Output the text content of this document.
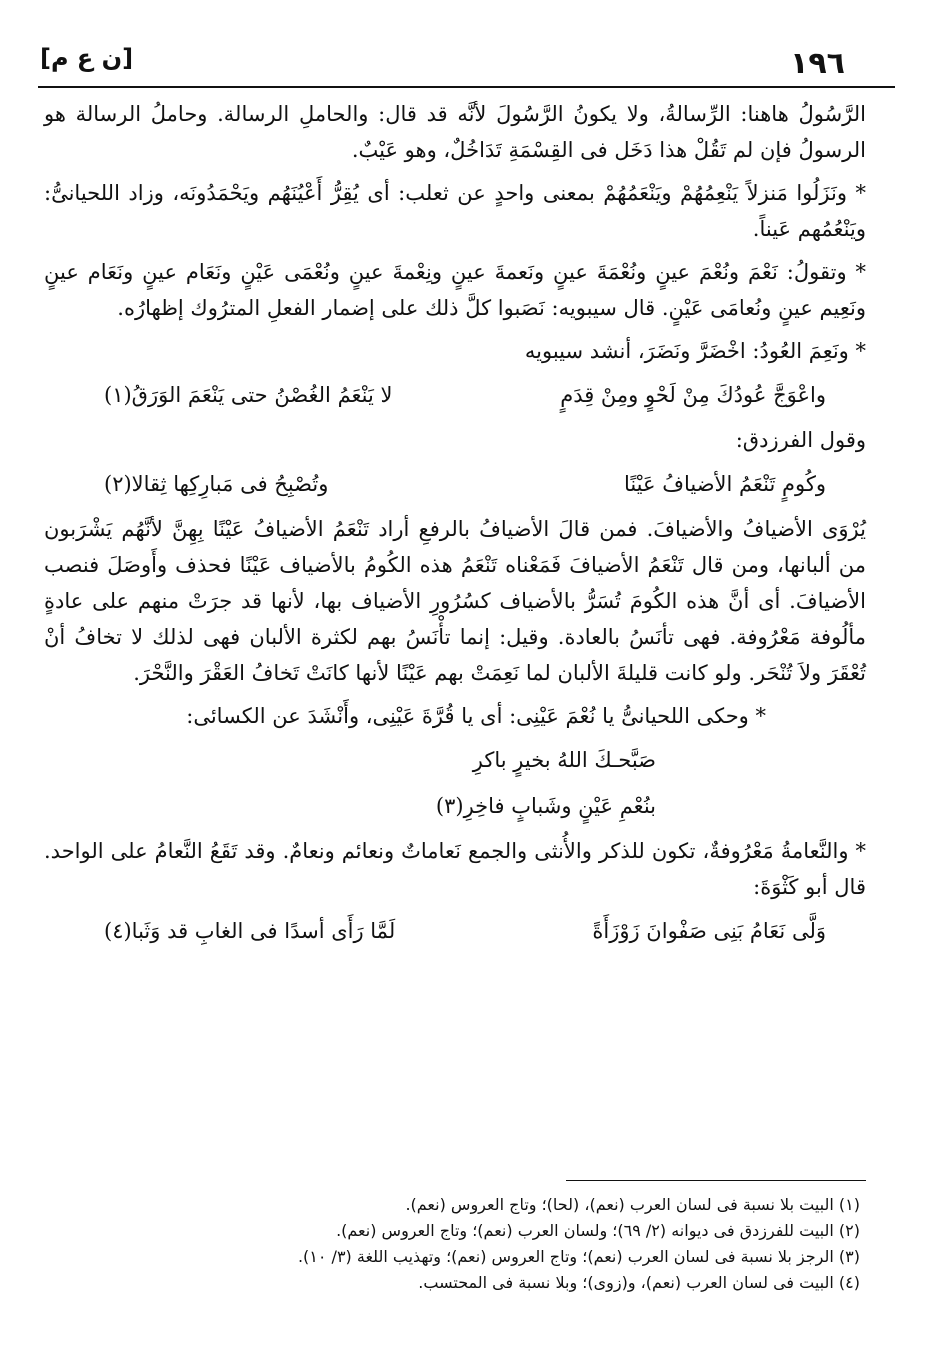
١٩٦
[ن ع م]

الرَّسُولُ هاهنا: الرِّسالةُ، ولا يكونُ الرَّسُولَ لأنَّه قد قال: والحاملِ الرسالة. وحاملُ الرسالة هو الرسولُ فإن لم تَقُلْ هذا دَخَل فى القِسْمَةِ تَدَاخُلٌ، وهو عَيْبٌ.

* ونَزَلُوا مَنزلاً يَنْعِمُهُمْ ويَنْعَمُهُمْ بمعنى واحدٍ عن ثعلب: أى يُقِرُّ أَعْيُنَهُم ويَحْمَدُونَه، وزاد اللحيانىُّ: ويَنْعُمُهم عَيناً.

* وتقولُ: نَعْمَ ونُعْمَ عينٍ ونُعْمَةَ عينٍ ونَعمةَ عينٍ ونِعْمةَ عينٍ ونُعْمَى عَيْنٍ ونَعَام عينٍ ونَعَام عينٍ ونَعِيم عينٍ ونُعامَى عَيْنٍ. قال سيبويه: نَصَبوا كلَّ ذلك على إضمار الفعلِ المترُوك إظهارُه.

* ونَعِمَ العُودُ: اخْضَرَّ ونَضَرَ، أنشد سيبويه

واعْوَجَّ عُودُكَ مِنْ لَحْوٍ ومِنْ قِدَمٍ
لا يَنْعَمُ الغُصْنُ حتى يَنْعَمَ الوَرَقُ(١)

وقول الفرزدق:

وكُومٍ تَنْعَمُ الأضيافُ عَيْنًا
وتُصْبِحُ فى مَبارِكِها ثِقالا(٢)

يُرْوَى الأضيافُ والأضيافَ. فمن قالَ الأضيافُ بالرفعِ أراد تَنْعَمُ الأضيافُ عَيْنًا بِهِنَّ لأنَّهُم يَشْرَبون من ألبانها، ومن قال تَنْعَمُ الأضيافَ فَمَعْناه تَنْعَمُ هذه الكُومُ بالأضياف عَيْنًا فحذف وأَوصَلَ فنصب الأضيافَ. أى أنَّ هذه الكُومَ تُسَرُّ بالأضياف كسُرُورِ الأضياف بها، لأنها قد جرَتْ منهم على عادةٍ مألُوفة مَعْرُوفة. فهى تأنَسُ بالعادة. وقيل: إنما تأْنَسُ بهم لكثرة الألبان فهى لذلك لا تخافُ أنْ تُعْقَرَ ولاَ تُنْحَر. ولو كانت قليلةَ الألبان لما نَعِمَتْ بهم عَيْنًا لأنها كانَتْ تَخافُ العَقْرَ والنَّحْرَ.

* وحكى اللحيانىُّ يا نُعْمَ عَيْنِى: أى يا قُرَّةَ عَيْنِى، وأَنْشَدَ عن الكسائى:

صَبَّحـكَ اللهُ بخيرٍ باكرِ
بنُعْمِ عَيْنٍ وشَبابٍ فاخِرِ(٣)

* والنَّعامةُ مَعْرُوفةٌ، تكون للذكر والأُنثى والجمع نَعاماتٌ ونعائم ونعامٌ. وقد تَقَعُ النَّعامُ على الواحد. قال أبو كَثْوَةَ:

وَلَّى نَعَامُ بَنِى صَفْوانَ زَوْزَأَةً
لَمَّا رَأَى أسدًا فى الغابِ قد وَثَبا(٤)

(١) البيت بلا نسبة فى لسان العرب (نعم)، (لحا)؛ وتاج العروس (نعم).

(٢) البيت للفرزدق فى ديوانه (٢/ ٦٩)؛ ولسان العرب (نعم)؛ وتاج العروس (نعم).

(٣) الرجز بلا نسبة فى لسان العرب (نعم)؛ وتاج العروس (نعم)؛ وتهذيب اللغة (٣/ ١٠).

(٤) البيت فى لسان العرب (نعم)، و(زوى)؛ وبلا نسبة فى المحتسب.
